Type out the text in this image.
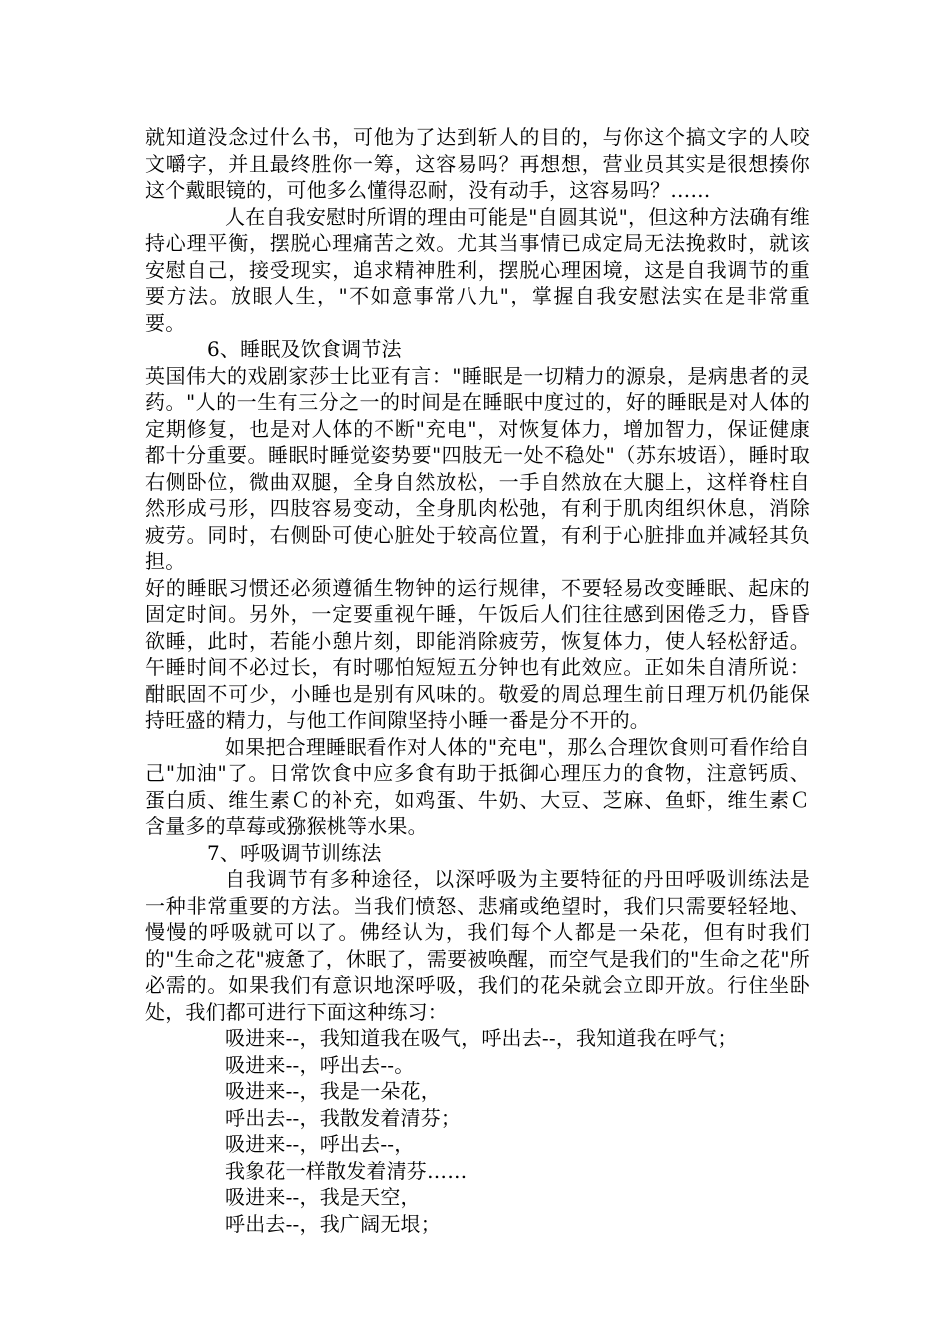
就知道没念过什么书，可他为了达到斩人的目的，与你这个搞文字的人咬文嚼字，并且最终胜你一筹，这容易吗？再想想，营业员其实是很想揍你这个戴眼镜的，可他多么懂得忍耐，没有动手，这容易吗？……

人在自我安慰时所谓的理由可能是"自圆其说"，但这种方法确有维持心理平衡，摆脱心理痛苦之效。尤其当事情已成定局无法挽救时，就该安慰自己，接受现实，追求精神胜利，摆脱心理困境，这是自我调节的重要方法。放眼人生，"不如意事常八九"，掌握自我安慰法实在是非常重要。

6、睡眠及饮食调节法

英国伟大的戏剧家莎士比亚有言："睡眠是一切精力的源泉，是病患者的灵药。"人的一生有三分之一的时间是在睡眠中度过的，好的睡眠是对人体的定期修复，也是对人体的不断"充电"，对恢复体力，增加智力，保证健康都十分重要。睡眠时睡觉姿势要"四肢无一处不稳处"（苏东坡语），睡时取右侧卧位，微曲双腿，全身自然放松，一手自然放在大腿上，这样脊柱自然形成弓形，四肢容易变动，全身肌肉松弛，有利于肌肉组织休息，消除疲劳。同时，右侧卧可使心脏处于较高位置，有利于心脏排血并减轻其负担。

好的睡眠习惯还必须遵循生物钟的运行规律，不要轻易改变睡眠、起床的固定时间。另外，一定要重视午睡，午饭后人们往往感到困倦乏力，昏昏欲睡，此时，若能小憩片刻，即能消除疲劳，恢复体力，使人轻松舒适。午睡时间不必过长，有时哪怕短短五分钟也有此效应。正如朱自清所说：酣眠固不可少，小睡也是别有风味的。敬爱的周总理生前日理万机仍能保持旺盛的精力，与他工作间隙坚持小睡一番是分不开的。

如果把合理睡眠看作对人体的"充电"，那么合理饮食则可看作给自己"加油"了。日常饮食中应多食有助于抵御心理压力的食物，注意钙质、蛋白质、维生素Ｃ的补充，如鸡蛋、牛奶、大豆、芝麻、鱼虾，维生素Ｃ含量多的草莓或猕猴桃等水果。

7、呼吸调节训练法

自我调节有多种途径，以深呼吸为主要特征的丹田呼吸训练法是一种非常重要的方法。当我们愤怒、悲痛或绝望时，我们只需要轻轻地、慢慢的呼吸就可以了。佛经认为，我们每个人都是一朵花，但有时我们的"生命之花"疲惫了，休眠了，需要被唤醒，而空气是我们的"生命之花"所必需的。如果我们有意识地深呼吸，我们的花朵就会立即开放。行住坐卧处，我们都可进行下面这种练习：

吸进来--，我知道我在吸气，呼出去--，我知道我在呼气；

吸进来--，呼出去--。

吸进来--，我是一朵花，

呼出去--，我散发着清芬；

吸进来--，呼出去--，

我象花一样散发着清芬……

吸进来--，我是天空，

呼出去--，我广阔无垠；
